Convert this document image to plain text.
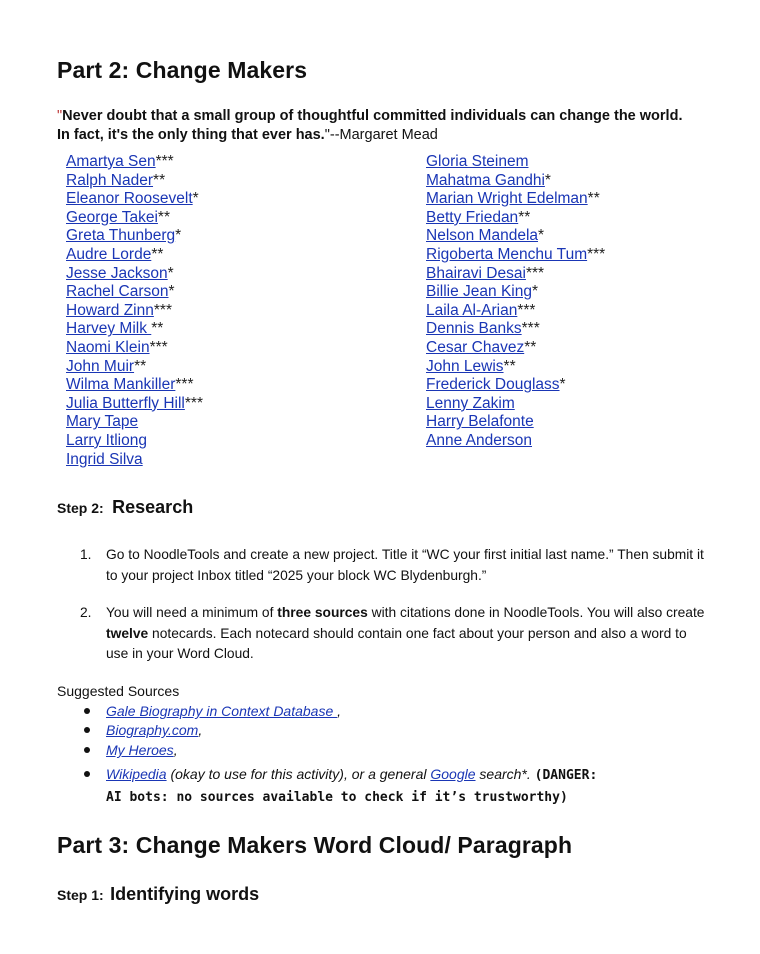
Part 2: Change Makers
"Never doubt that a small group of thoughtful committed individuals can change the world. In fact, it's the only thing that ever has."--Margaret Mead
Amartya Sen***
Ralph Nader**
Eleanor Roosevelt*
George Takei**
Greta Thunberg*
Audre Lorde**
Jesse Jackson*
Rachel Carson*
Howard Zinn***
Harvey Milk **
Naomi Klein***
John Muir**
Wilma Mankiller***
Julia Butterfly Hill***
Mary Tape
Larry Itliong
Ingrid Silva
Gloria Steinem
Mahatma Gandhi*
Marian Wright Edelman**
Betty Friedan**
Nelson Mandela*
Rigoberta Menchu Tum***
Bhairavi Desai***
Billie Jean King*
Laila Al-Arian***
Dennis Banks***
Cesar Chavez**
John Lewis**
Frederick Douglass*
Lenny Zakim
Harry Belafonte
Anne Anderson
Step 2: Research
1. Go to NoodleTools and create a new project. Title it “WC your first initial last name.” Then submit it to your project Inbox titled “2025 your block WC Blydenburgh.”
2. You will need a minimum of three sources with citations done in NoodleTools. You will also create twelve notecards. Each notecard should contain one fact about your person and also a word to use in your Word Cloud.
Suggested Sources
Gale Biography in Context Database ,
Biography.com,
My Heroes,
Wikipedia (okay to use for this activity), or a general Google search*. (DANGER:
AI bots: no sources available to check if it’s trustworthy)
Part 3: Change Makers Word Cloud/ Paragraph
Step 1: Identifying words
